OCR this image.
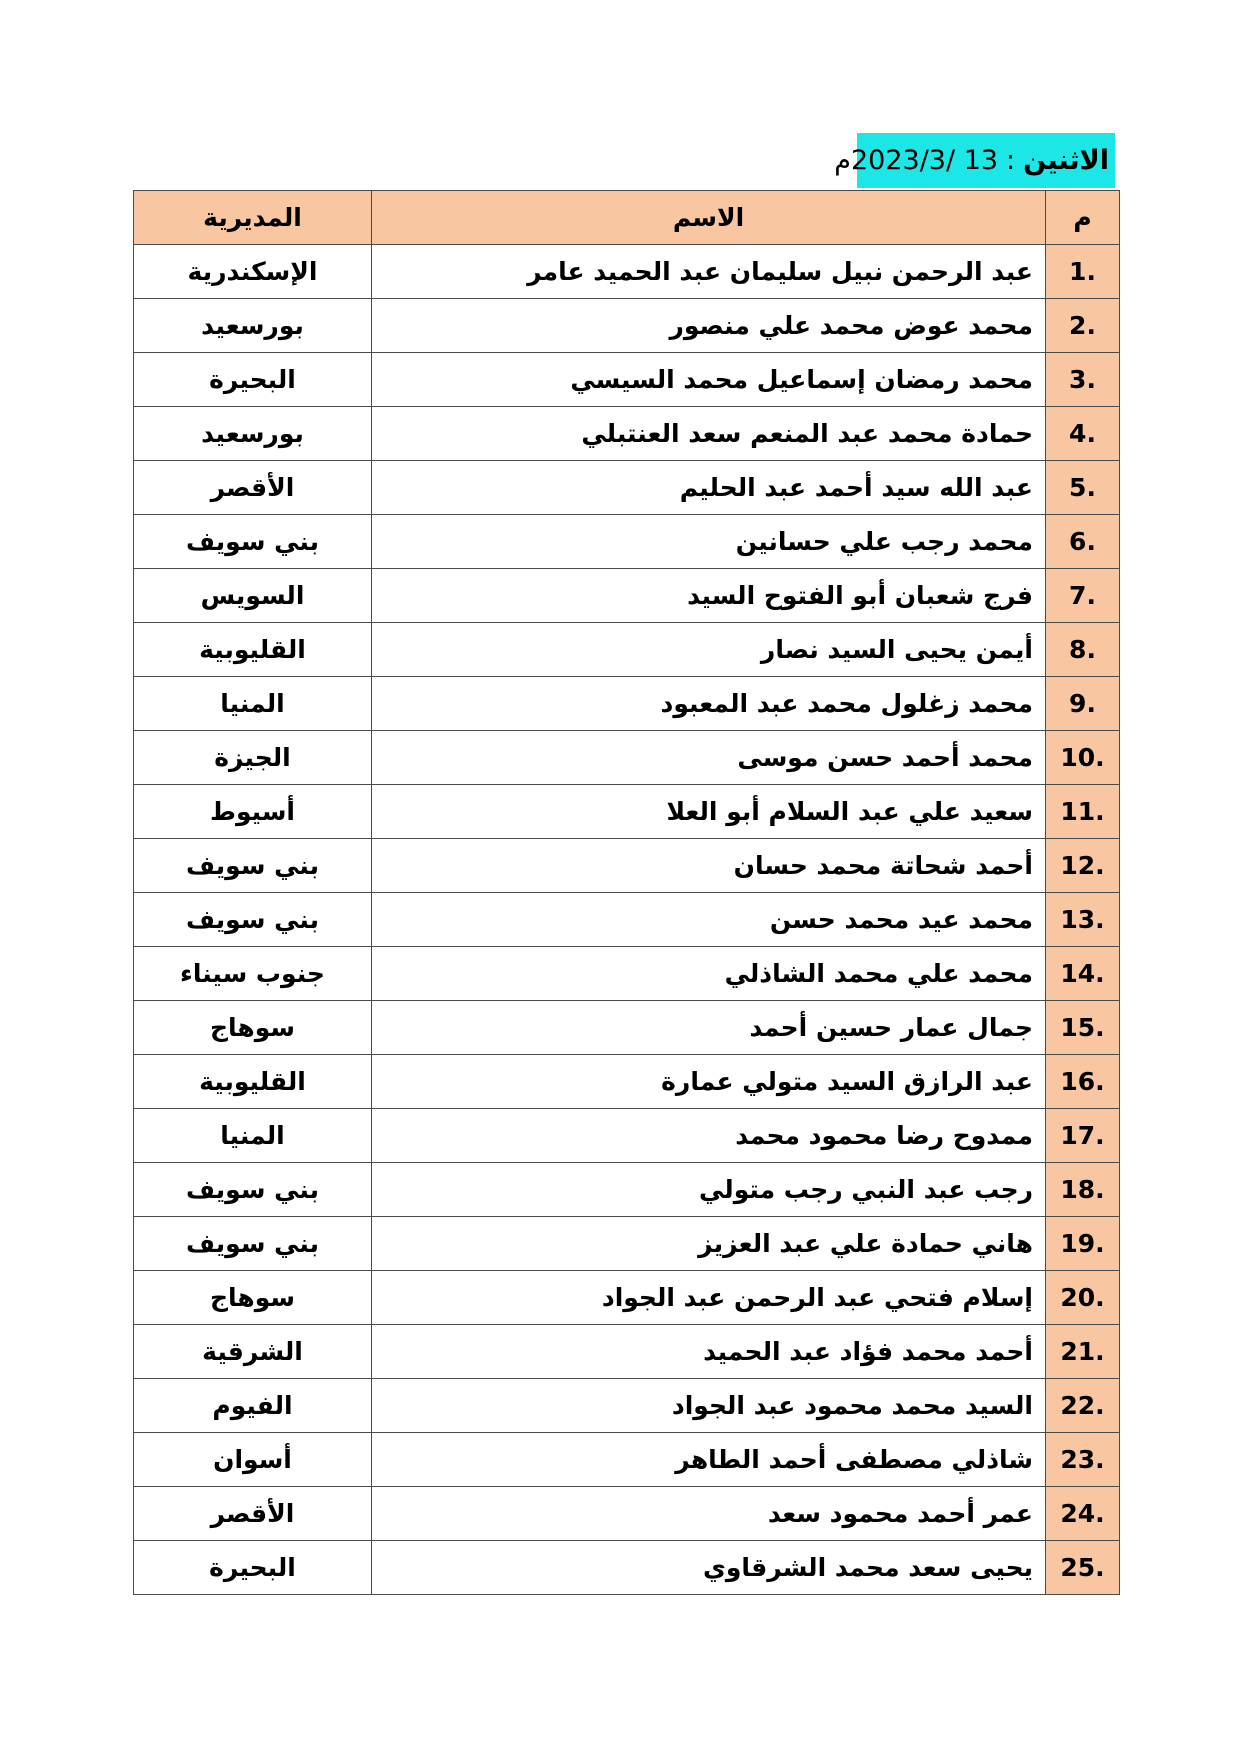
الاثنين
:
13 /2023/3م
م	الاسم	المديرية
1.	عبد الرحمن نبيل سليمان عبد الحميد عامر	الإسكندرية
2.	محمد عوض محمد علي منصور	بورسعيد
3.	محمد رمضان إسماعيل محمد السيسي	البحيرة
4.	حمادة محمد عبد المنعم سعد العنتبلي	بورسعيد
5.	عبد الله سيد أحمد عبد الحليم	الأقصر
6.	محمد رجب علي حسانين	بني سويف
7.	فرج شعبان أبو الفتوح السيد	السويس
8.	أيمن يحيى السيد نصار	القليوبية
9.	محمد زغلول محمد عبد المعبود	المنيا
10.	محمد أحمد حسن موسى	الجيزة
11.	سعيد علي عبد السلام أبو العلا	أسيوط
12.	أحمد شحاتة محمد حسان	بني سويف
13.	محمد عيد محمد حسن	بني سويف
14.	محمد علي محمد الشاذلي	جنوب سيناء
15.	جمال عمار حسين أحمد	سوهاج
16.	عبد الرازق السيد متولي عمارة	القليوبية
17.	ممدوح رضا محمود محمد	المنيا
18.	رجب عبد النبي رجب متولي	بني سويف
19.	هاني حمادة علي عبد العزيز	بني سويف
20.	إسلام فتحي عبد الرحمن عبد الجواد	سوهاج
21.	أحمد محمد فؤاد عبد الحميد	الشرقية
22.	السيد محمد محمود عبد الجواد	الفيوم
23.	شاذلي مصطفى أحمد الطاهر	أسوان
24.	عمر أحمد محمود سعد	الأقصر
25.	يحيى سعد محمد الشرقاوي	البحيرة
